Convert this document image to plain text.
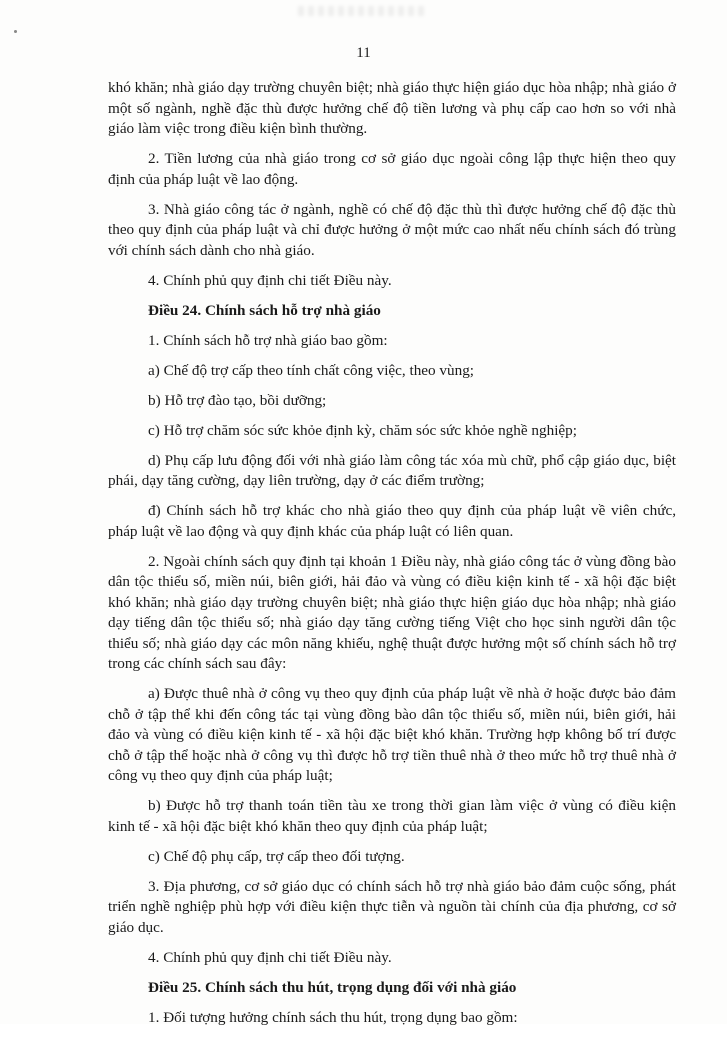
11

khó khăn; nhà giáo dạy trường chuyên biệt; nhà giáo thực hiện giáo dục hòa nhập; nhà giáo ở một số ngành, nghề đặc thù được hưởng chế độ tiền lương và phụ cấp cao hơn so với nhà giáo làm việc trong điều kiện bình thường.

2. Tiền lương của nhà giáo trong cơ sở giáo dục ngoài công lập thực hiện theo quy định của pháp luật về lao động.

3. Nhà giáo công tác ở ngành, nghề có chế độ đặc thù thì được hưởng chế độ đặc thù theo quy định của pháp luật và chỉ được hưởng ở một mức cao nhất nếu chính sách đó trùng với chính sách dành cho nhà giáo.

4. Chính phủ quy định chi tiết Điều này.

Điều 24. Chính sách hỗ trợ nhà giáo

1. Chính sách hỗ trợ nhà giáo bao gồm:

a) Chế độ trợ cấp theo tính chất công việc, theo vùng;

b) Hỗ trợ đào tạo, bồi dưỡng;

c) Hỗ trợ chăm sóc sức khỏe định kỳ, chăm sóc sức khỏe nghề nghiệp;

d) Phụ cấp lưu động đối với nhà giáo làm công tác xóa mù chữ, phổ cập giáo dục, biệt phái, dạy tăng cường, dạy liên trường, dạy ở các điểm trường;

đ) Chính sách hỗ trợ khác cho nhà giáo theo quy định của pháp luật về viên chức, pháp luật về lao động và quy định khác của pháp luật có liên quan.

2. Ngoài chính sách quy định tại khoản 1 Điều này, nhà giáo công tác ở vùng đồng bào dân tộc thiểu số, miền núi, biên giới, hải đảo và vùng có điều kiện kinh tế - xã hội đặc biệt khó khăn; nhà giáo dạy trường chuyên biệt; nhà giáo thực hiện giáo dục hòa nhập; nhà giáo dạy tiếng dân tộc thiểu số; nhà giáo dạy tăng cường tiếng Việt cho học sinh người dân tộc thiểu số; nhà giáo dạy các môn năng khiếu, nghệ thuật được hưởng một số chính sách hỗ trợ trong các chính sách sau đây:

a) Được thuê nhà ở công vụ theo quy định của pháp luật về nhà ở hoặc được bảo đảm chỗ ở tập thể khi đến công tác tại vùng đồng bào dân tộc thiểu số, miền núi, biên giới, hải đảo và vùng có điều kiện kinh tế - xã hội đặc biệt khó khăn. Trường hợp không bố trí được chỗ ở tập thể hoặc nhà ở công vụ thì được hỗ trợ tiền thuê nhà ở theo mức hỗ trợ thuê nhà ở công vụ theo quy định của pháp luật;

b) Được hỗ trợ thanh toán tiền tàu xe trong thời gian làm việc ở vùng có điều kiện kinh tế - xã hội đặc biệt khó khăn theo quy định của pháp luật;

c) Chế độ phụ cấp, trợ cấp theo đối tượng.

3. Địa phương, cơ sở giáo dục có chính sách hỗ trợ nhà giáo bảo đảm cuộc sống, phát triển nghề nghiệp phù hợp với điều kiện thực tiễn và nguồn tài chính của địa phương, cơ sở giáo dục.

4. Chính phủ quy định chi tiết Điều này.

Điều 25. Chính sách thu hút, trọng dụng đối với nhà giáo

1. Đối tượng hưởng chính sách thu hút, trọng dụng bao gồm:
